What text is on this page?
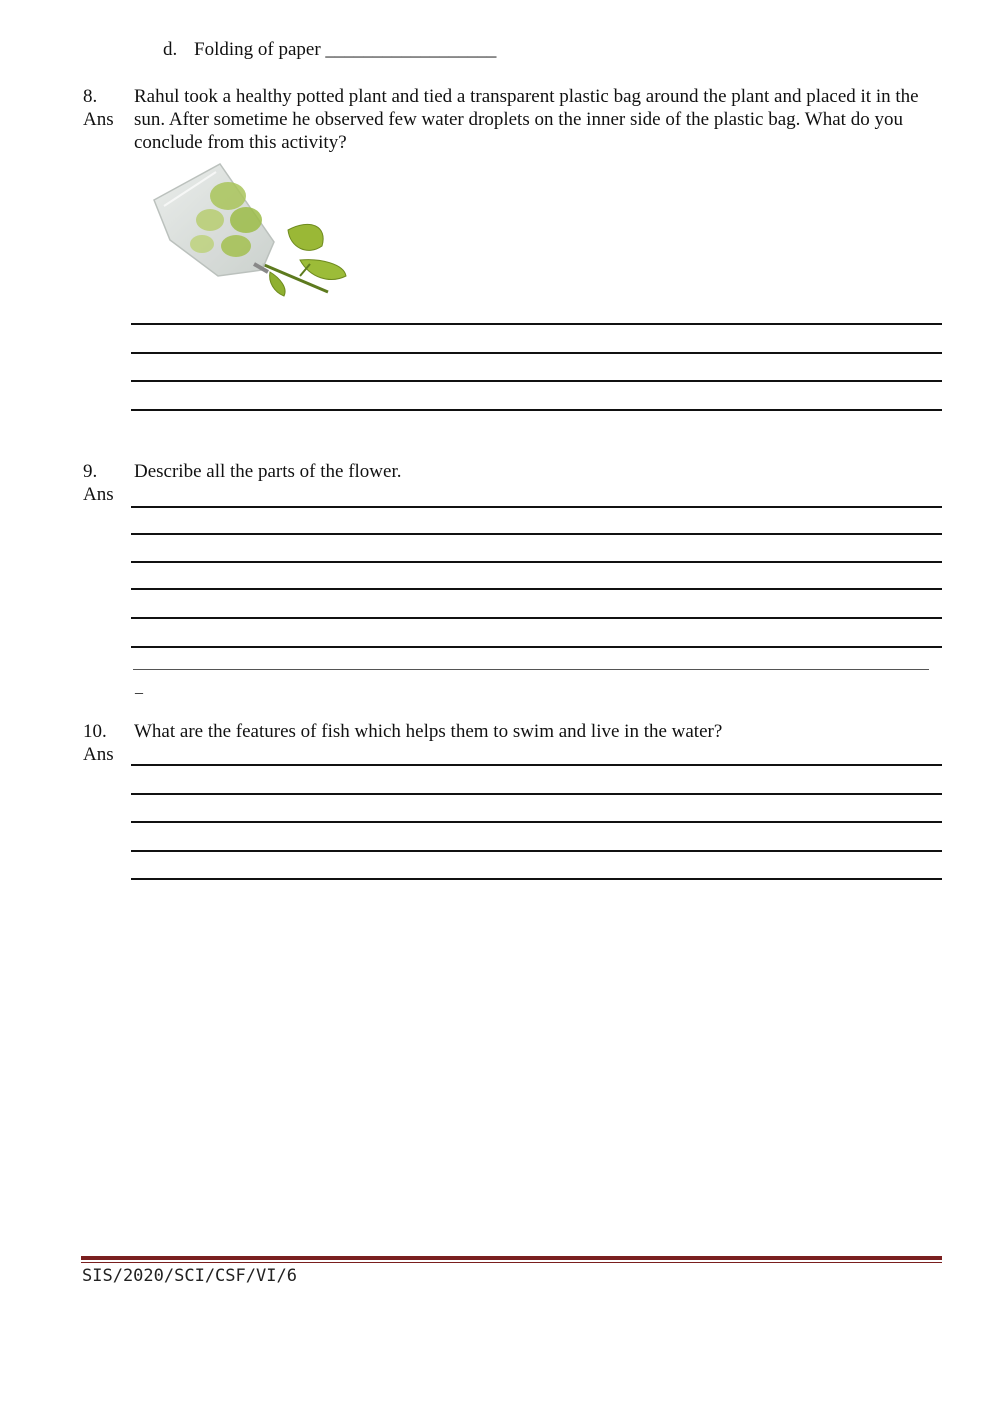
d. Folding of paper __________________
8.
Ans
Rahul took a healthy potted plant and tied a transparent plastic bag around the plant and placed it in the sun. After sometime he observed few water droplets on the inner side of the plastic bag. What do you conclude from this activity?
9.
Ans
Describe all the parts of the flower.
_
10.
Ans
What are the features of fish which helps them to swim and live in the water?
SIS/2020/SCI/CSF/VI/6
